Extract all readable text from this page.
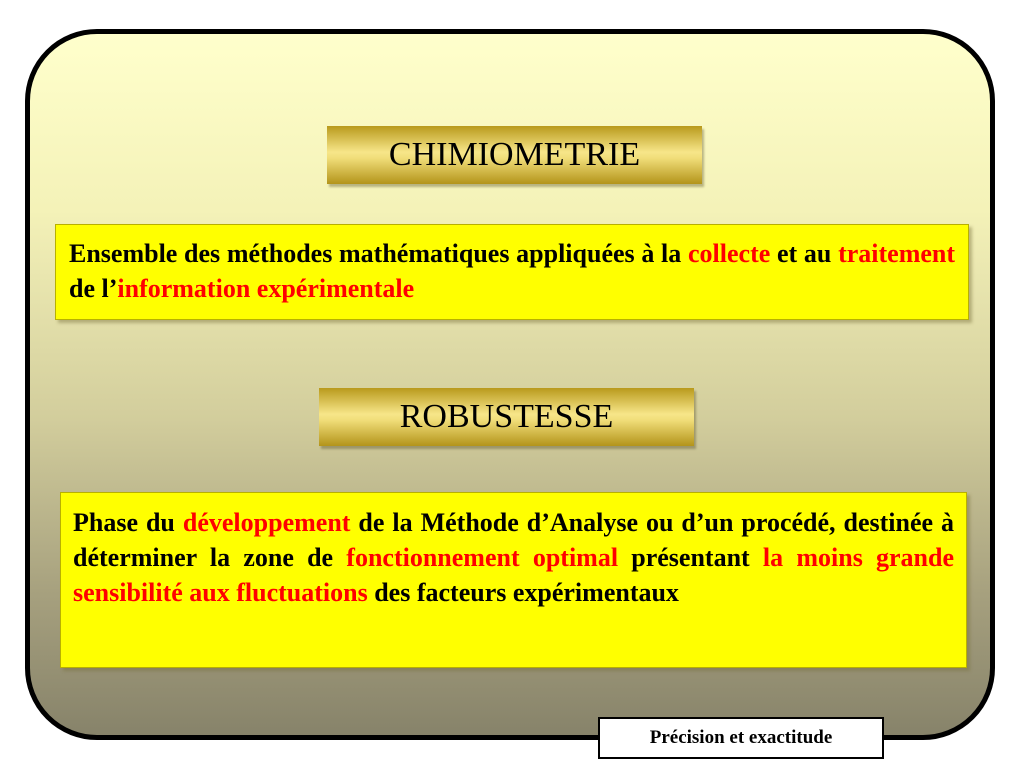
CHIMIOMETRIE
Ensemble des méthodes mathématiques appliquées à la collecte et au traitement de l’information expérimentale
ROBUSTESSE
Phase du développement de la Méthode d’Analyse ou d’un procédé, destinée à déterminer la zone de fonctionnement optimal présentant la moins grande sensibilité aux fluctuations des facteurs expérimentaux
Précision et exactitude
